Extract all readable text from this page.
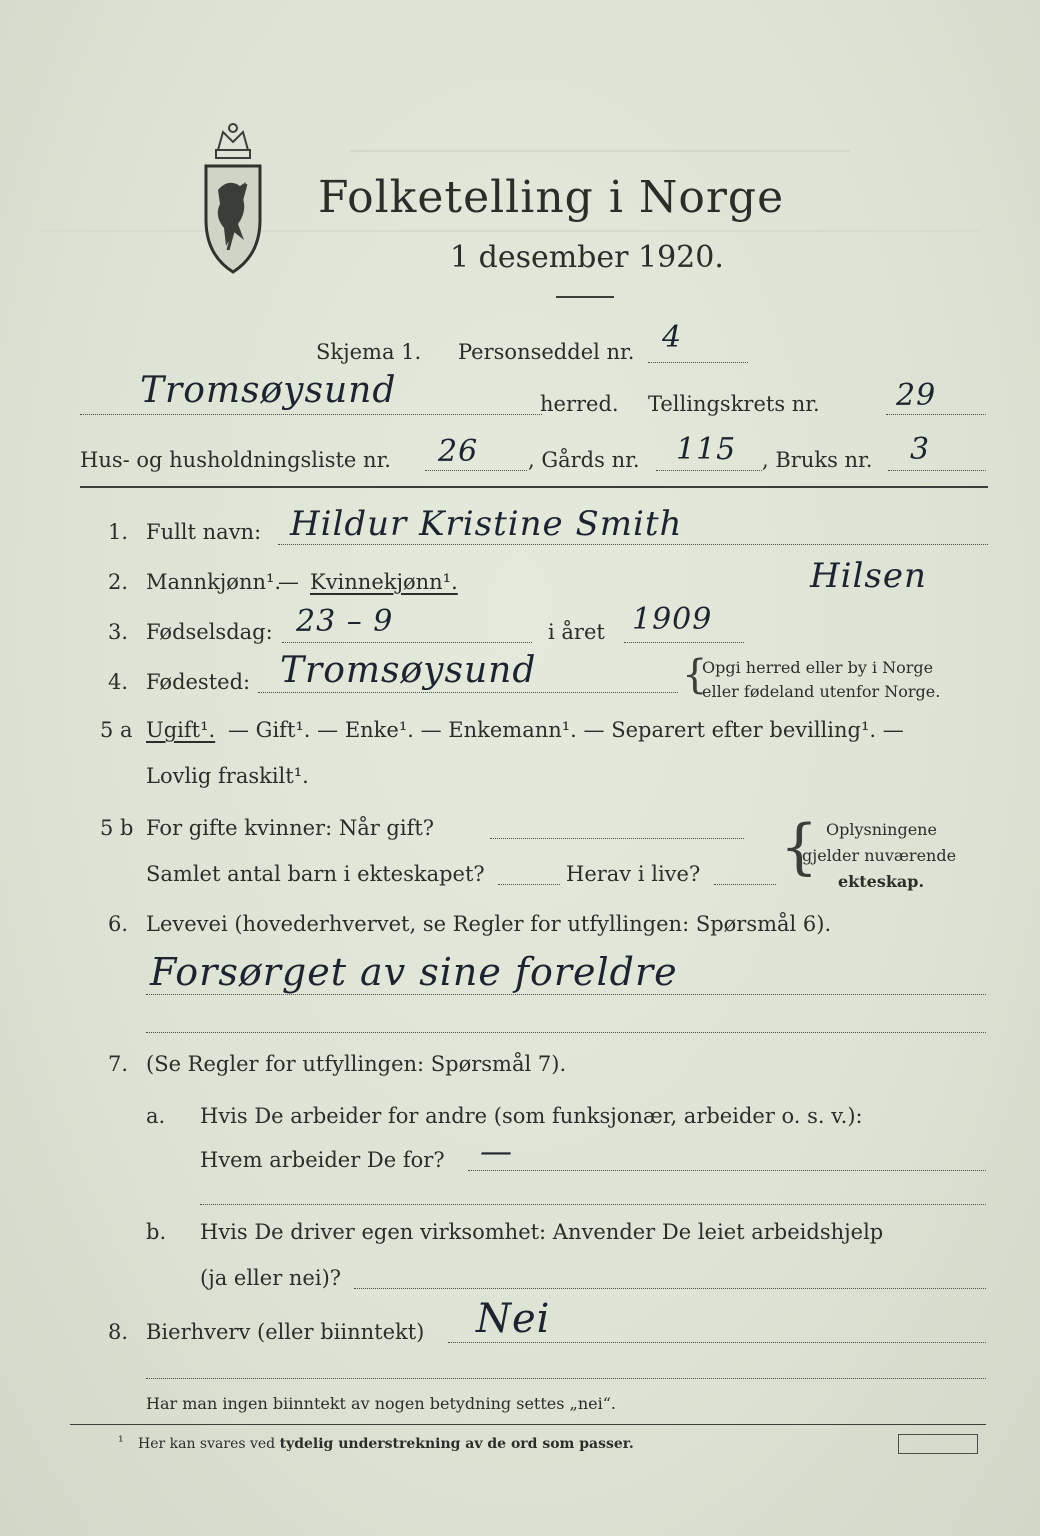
Folketelling i Norge
1 desember 1920.
Skjema 1. Personseddel nr. 4
Tromsøysund	herred. Tellingskrets nr.	29
Hus- og husholdningsliste nr. 26 , Gårds nr. 115 , Bruks nr. 3
1. Fullt navn: Hildur Kristine Smith
Hilsen
2. Mannkjønn¹.
— Kvinnekjønn¹.
3. Fødselsdag: 23 – 9	i året 1909
4. Fødested: Tromsøysund	{
Opgi herred eller by i Norge
eller fødeland utenfor Norge.
5 a Ugift¹. — Gift¹. — Enke¹. — Enkemann¹. — Separert efter bevilling¹. —
Lovlig fraskilt¹.
5 b For gifte kvinner: Når gift?
Samlet antal barn i ekteskapet?	Herav i live? { Oplysningene
gjelder nuværende
ekteskap.
6. Levevei (hovederhvervet, se Regler for utfyllingen: Spørsmål 6).
Forsørget av sine foreldre
7. (Se Regler for utfyllingen: Spørsmål 7).
a. Hvis De arbeider for andre (som funksjonær, arbeider o. s. v.):
Hvem arbeider De for? —
b. Hvis De driver egen virksomhet: Anvender De leiet arbeidshjelp
(ja eller nei)?
8. Bierhverv (eller biinntekt) Nei
Har man ingen biinntekt av nogen betydning settes „nei“.
¹ Her kan svares ved tydelig understrekning av de ord som passer.
